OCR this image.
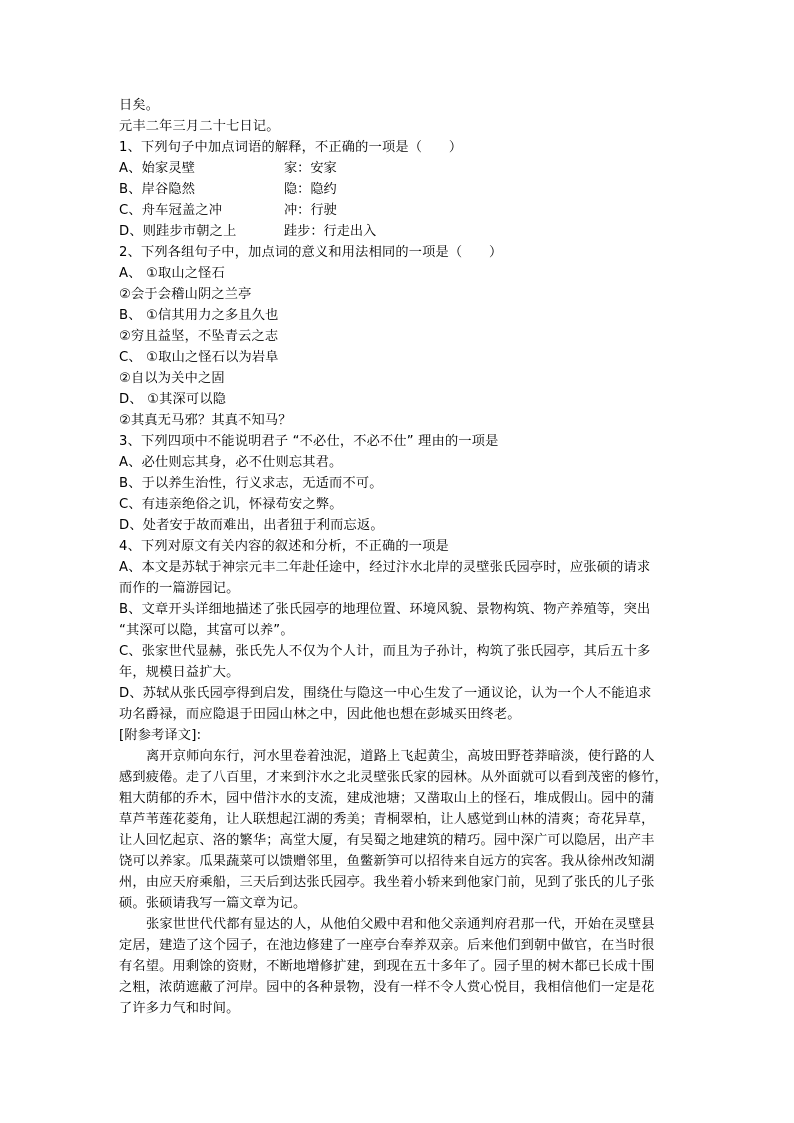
日矣。
元丰二年三月二十七日记。
1、下列句子中加点词语的解释，不正确的一项是（　　）
A、始家灵壁	家：安家
B、岸谷隐然	隐：隐约
C、舟车冠盖之冲	冲：行驶
D、则跬步市朝之上	跬步：行走出入
2、下列各组句子中，加点词的意义和用法相同的一项是（　　）
A、 ①取山之怪石
②会于会稽山阴之兰亭
B、 ①信其用力之多且久也
②穷且益坚，不坠青云之志
C、 ①取山之怪石以为岩阜
②自以为关中之固
D、 ①其深可以隐
②其真无马邪？其真不知马？
3、下列四项中不能说明君子 “不必仕，不必不仕” 理由的一项是
A、必仕则忘其身，必不仕则忘其君。
B、于以养生治性，行义求志，无适而不可。
C、有违亲绝俗之讥，怀禄苟安之弊。
D、处者安于故而难出，出者狃于利而忘返。
4、下列对原文有关内容的叙述和分析，不正确的一项是
A、本文是苏轼于神宗元丰二年赴任途中，经过汴水北岸的灵壁张氏园亭时，应张硕的请求
而作的一篇游园记。
B、文章开头详细地描述了张氏园亭的地理位置、环境风貌、景物构筑、物产养殖等，突出
“其深可以隐，其富可以养”。
C、张家世代显赫，张氏先人不仅为个人计，而且为子孙计，构筑了张氏园亭，其后五十多
年，规模日益扩大。
D、苏轼从张氏园亭得到启发，围绕仕与隐这一中心生发了一通议论，认为一个人不能追求
功名爵禄，而应隐退于田园山林之中，因此他也想在彭城买田终老。
[附参考译文]:
离开京师向东行，河水里卷着浊泥，道路上飞起黄尘，高坡田野苍莽暗淡，使行路的人
感到疲倦。走了八百里，才来到汴水之北灵壁张氏家的园林。从外面就可以看到茂密的修竹，
粗大荫郁的乔木，园中借汴水的支流，建成池塘；又凿取山上的怪石，堆成假山。园中的蒲
草芦苇莲花菱角，让人联想起江湖的秀美；青桐翠柏，让人感觉到山林的清爽；奇花异草，
让人回忆起京、洛的繁华；高堂大厦，有吴蜀之地建筑的精巧。园中深广可以隐居，出产丰
饶可以养家。瓜果蔬菜可以馈赠邻里，鱼鳖新笋可以招待来自远方的宾客。我从徐州改知湖
州，由应天府乘船，三天后到达张氏园亭。我坐着小轿来到他家门前，见到了张氏的儿子张
硕。张硕请我写一篇文章为记。
张家世世代代都有显达的人，从他伯父殿中君和他父亲通判府君那一代，开始在灵壁县
定居，建造了这个园子，在池边修建了一座亭台奉养双亲。后来他们到朝中做官，在当时很
有名望。用剩馀的资财，不断地增修扩建，到现在五十多年了。园子里的树木都已长成十围
之粗，浓荫遮蔽了河岸。园中的各种景物，没有一样不令人赏心悦目，我相信他们一定是花
了许多力气和时间。
